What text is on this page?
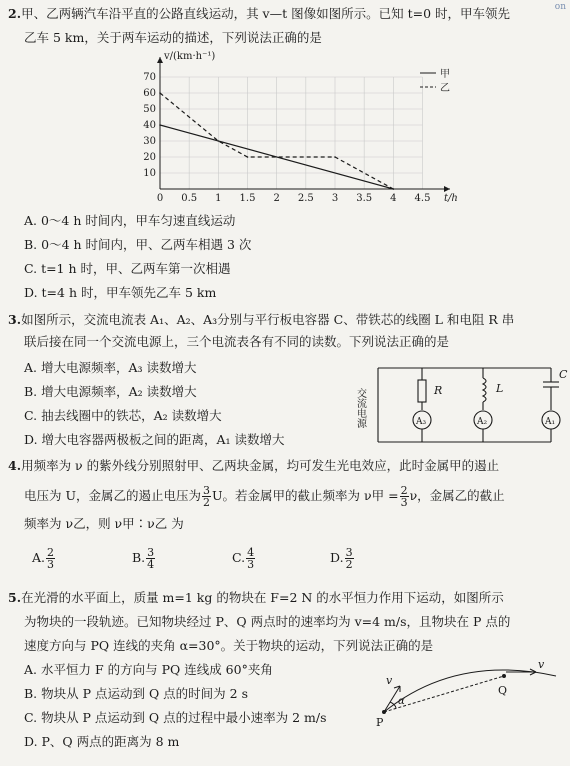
on
2.甲、乙两辆汽车沿平直的公路直线运动，其 v—t 图像如图所示。已知 t=0 时，甲车领先
乙车 5 km，关于两车运动的描述，下列说法正确的是
0 0.5 1 1.5 2 2.5 3 3.5 4 4.5
10
20
30
40
50
60
70
v/(km·h⁻¹)
t/h
甲
乙
A. 0～4 h 时间内，甲车匀速直线运动
B. 0～4 h 时间内，甲、乙两车相遇 3 次
C. t=1 h 时，甲、乙两车第一次相遇
D. t=4 h 时，甲车领先乙车 5 km
3.如图所示，交流电流表 A₁、A₂、A₃分别与平行板电容器 C、带铁芯的线圈 L 和电阻 R 串
联后接在同一个交流电源上，三个电流表各有不同的读数。下列说法正确的是
A. 增大电源频率，A₃ 读数增大
B. 增大电源频率，A₂ 读数增大
C. 抽去线圈中的铁芯，A₂ 读数增大
D. 增大电容器两极板之间的距离，A₁ 读数增大
交流电源	R	L
C
A₃	A₂	A₁
4.用频率为 ν 的紫外线分别照射甲、乙两块金属，均可发生光电效应，此时金属甲的遏止
电压为 U，金属乙的遏止电压为 $\frac{3}{2}$ U。若金属甲的截止频率为 ν甲 = $\frac{2}{3}$ ν，金属乙的截止
频率为 ν乙，则 ν甲∶ν乙 为
A. $\frac{2}{3}$	B. $\frac{3}{4}$	C. $\frac{4}{3}$	D. $\frac{3}{2}$
5.在光滑的水平面上，质量 m=1 kg 的物块在 F=2 N 的水平恒力作用下运动，如图所示
为物块的一段轨迹。已知物块经过 P、Q 两点时的速率均为 v=4 m/s，且物块在 P 点的
速度方向与 PQ 连线的夹角 α=30°。关于物块的运动，下列说法正确的是
A. 水平恒力 F 的方向与 PQ 连线成 60°夹角
B. 物块从 P 点运动到 Q 点的时间为 2 s
C. 物块从 P 点运动到 Q 点的过程中最小速率为 2 m/s
D. P、Q 两点的距离为 8 m
P
Q
v
v
α
